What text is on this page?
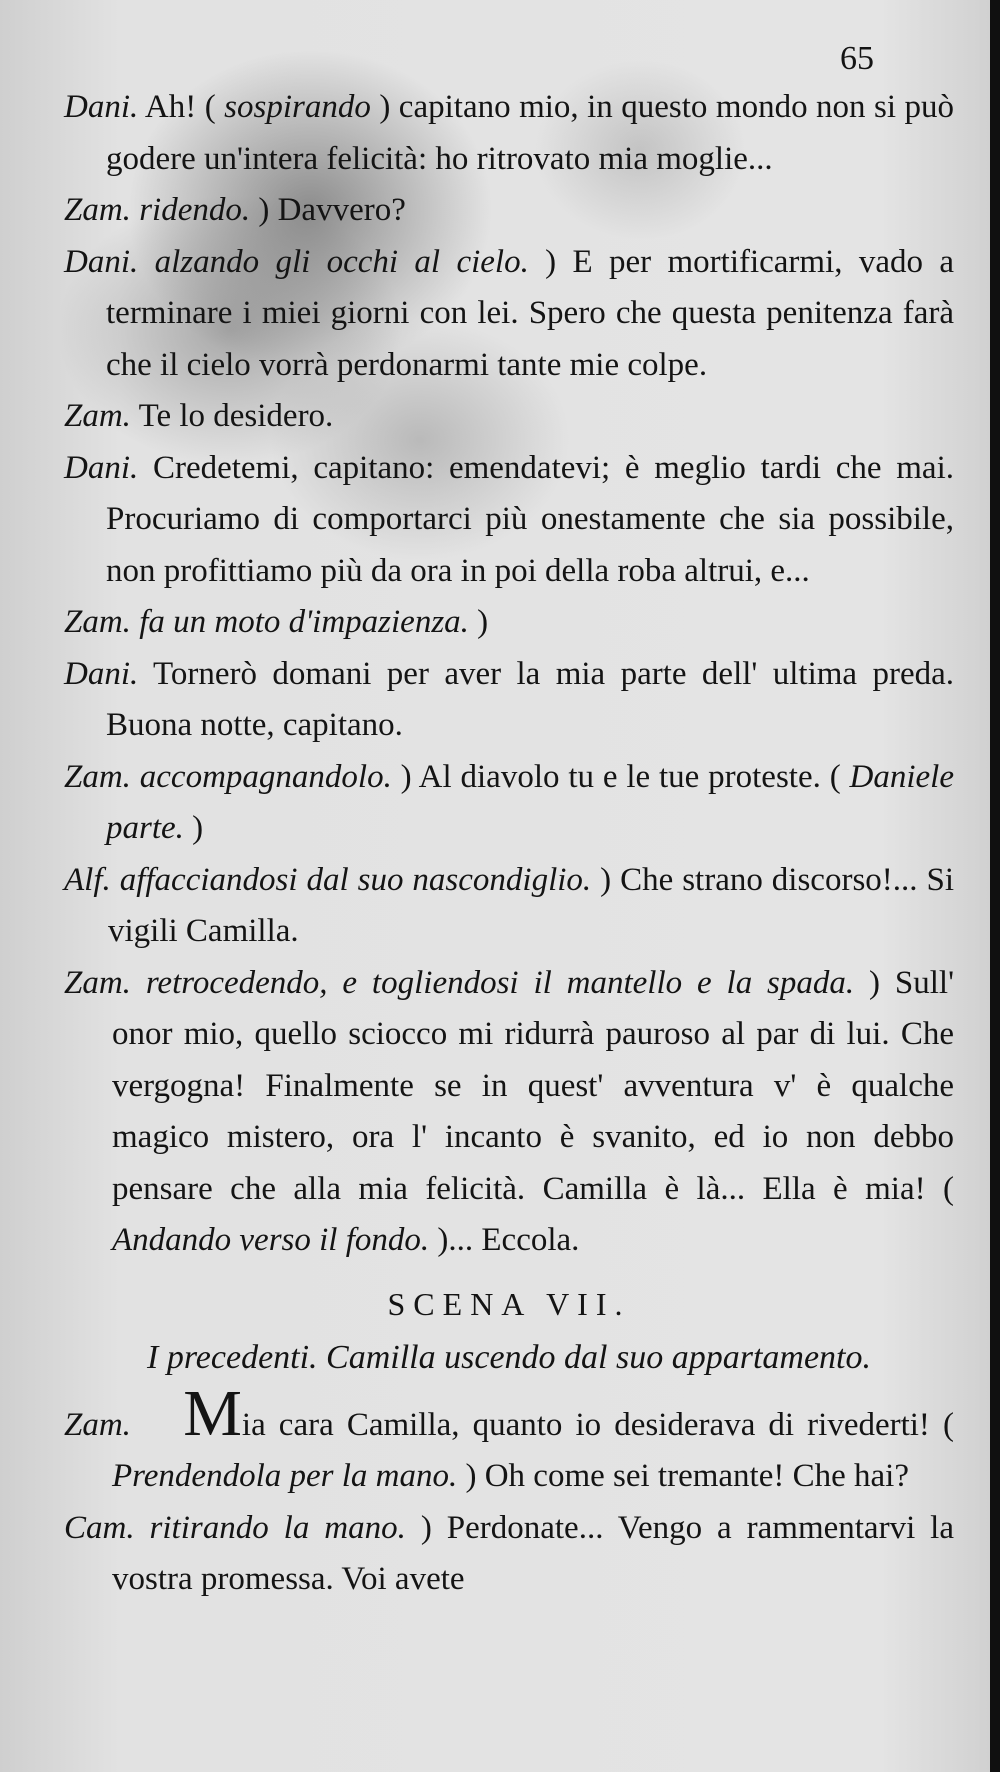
65

Dani. Ah! ( sospirando ) capitano mio, in questo mondo non si può godere un'intera felicità: ho ritrovato mia moglie...

Zam. ridendo. ) Davvero?

Dani. alzando gli occhi al cielo. ) E per mortificarmi, vado a terminare i miei giorni con lei. Spero che questa penitenza farà che il cielo vorrà perdonarmi tante mie colpe.

Zam. Te lo desidero.

Dani. Credetemi, capitano: emendatevi; è meglio tardi che mai. Procuriamo di comportarci più onestamente che sia possibile, non profittiamo più da ora in poi della roba altrui, e...

Zam. fa un moto d'impazienza. )

Dani. Tornerò domani per aver la mia parte dell' ultima preda. Buona notte, capitano.

Zam. accompagnandolo. ) Al diavolo tu e le tue proteste. ( Daniele parte. )

Alf. affacciandosi dal suo nascondiglio. ) Che strano discorso!... Si vigili Camilla.

Zam. retrocedendo, e togliendosi il mantello e la spada. ) Sull' onor mio, quello sciocco mi ridurrà pauroso al par di lui. Che vergogna! Finalmente se in quest' avventura v' è qualche magico mistero, ora l' incanto è svanito, ed io non debbo pensare che alla mia felicità. Camilla è là... Ella è mia! ( Andando verso il fondo. )... Eccola.

SCENA VII.
I precedenti. Camilla uscendo dal suo appartamento.

Zam. Mia cara Camilla, quanto io desiderava di rivederti! ( Prendendola per la mano. ) Oh come sei tremante! Che hai?

Cam. ritirando la mano. ) Perdonate... Vengo a rammentarvi la vostra promessa. Voi avete
